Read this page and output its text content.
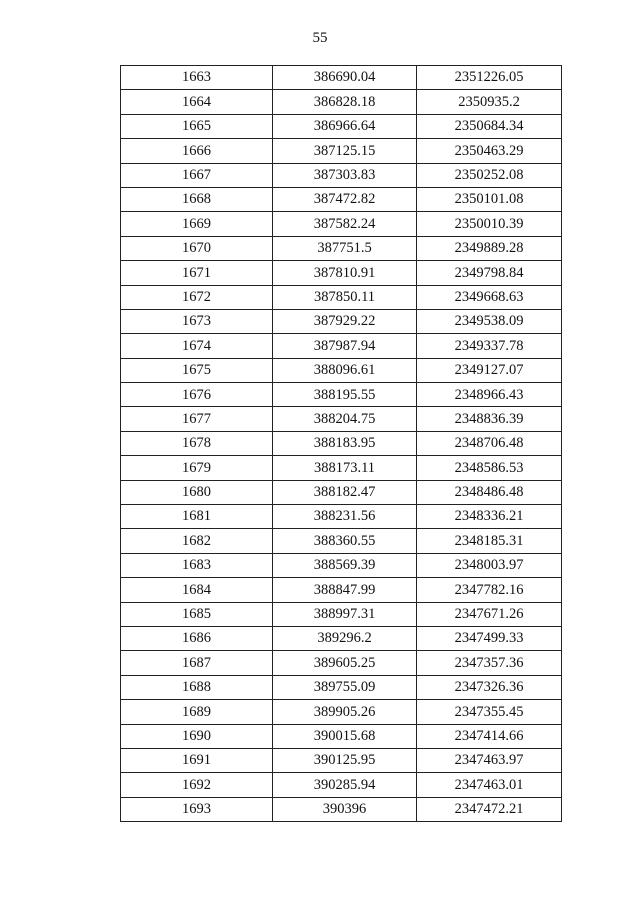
55
1663	386690.04	2351226.05
1664	386828.18	2350935.2
1665	386966.64	2350684.34
1666	387125.15	2350463.29
1667	387303.83	2350252.08
1668	387472.82	2350101.08
1669	387582.24	2350010.39
1670	387751.5	2349889.28
1671	387810.91	2349798.84
1672	387850.11	2349668.63
1673	387929.22	2349538.09
1674	387987.94	2349337.78
1675	388096.61	2349127.07
1676	388195.55	2348966.43
1677	388204.75	2348836.39
1678	388183.95	2348706.48
1679	388173.11	2348586.53
1680	388182.47	2348486.48
1681	388231.56	2348336.21
1682	388360.55	2348185.31
1683	388569.39	2348003.97
1684	388847.99	2347782.16
1685	388997.31	2347671.26
1686	389296.2	2347499.33
1687	389605.25	2347357.36
1688	389755.09	2347326.36
1689	389905.26	2347355.45
1690	390015.68	2347414.66
1691	390125.95	2347463.97
1692	390285.94	2347463.01
1693	390396	2347472.21
